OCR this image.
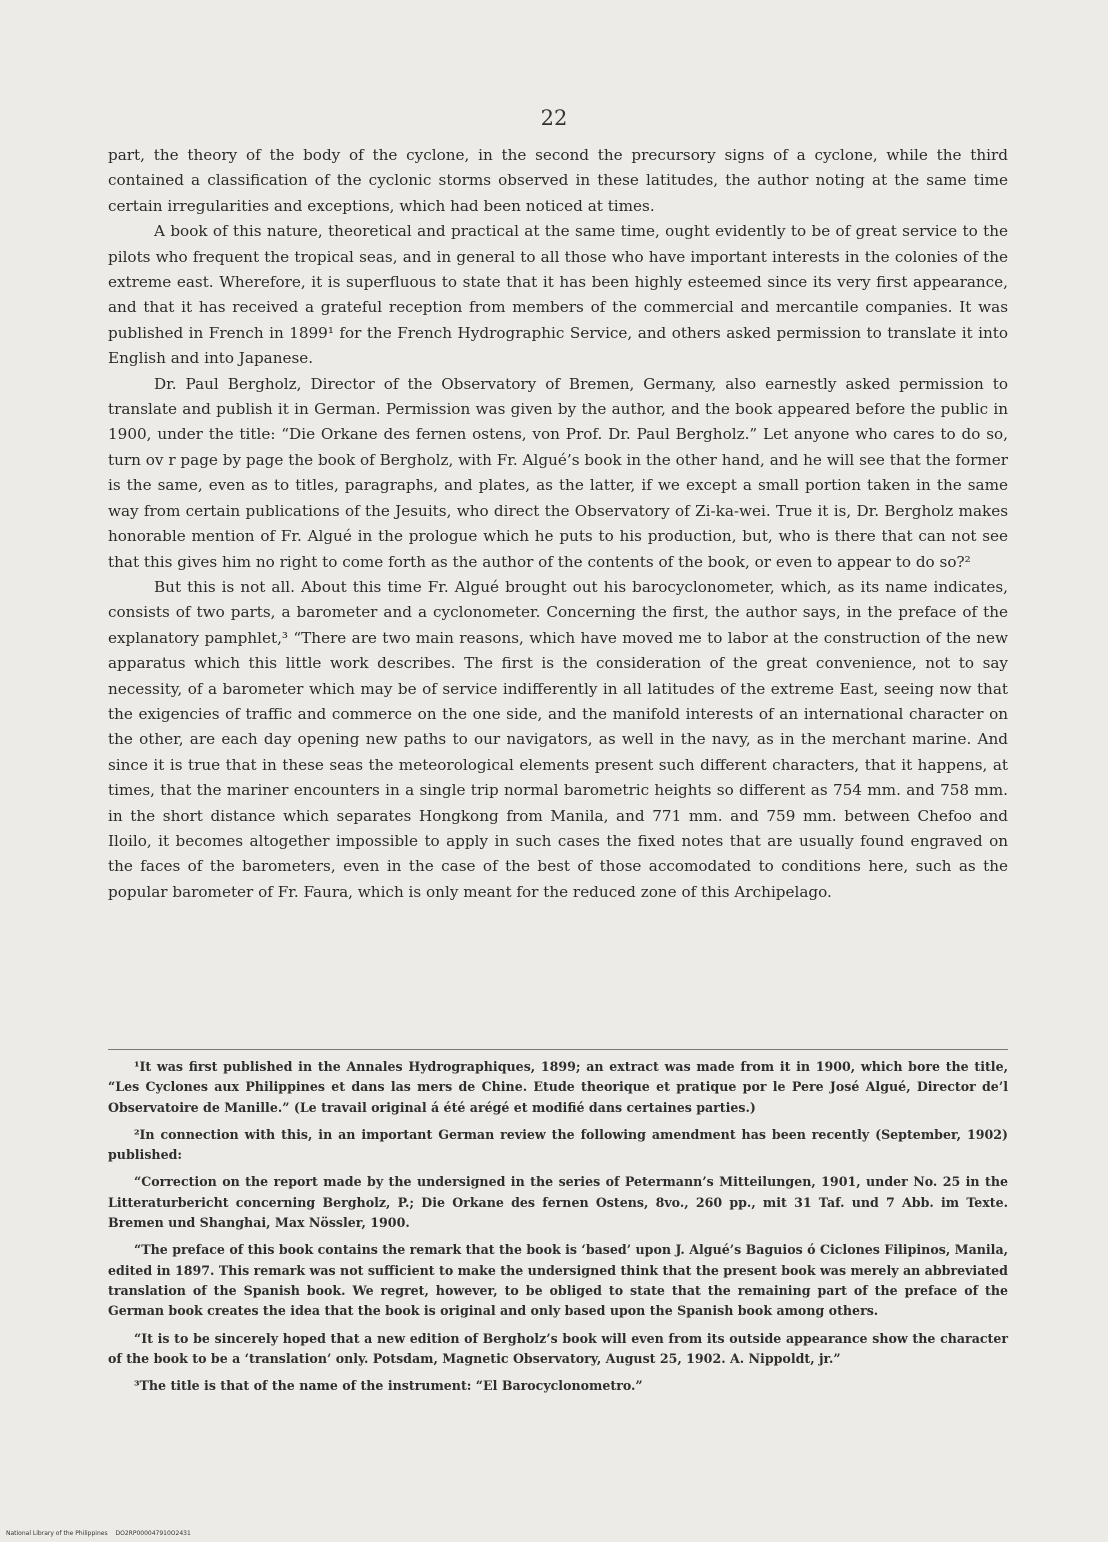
22

part, the theory of the body of the cyclone, in the second the precursory signs of a cyclone, while the third contained a classification of the cyclonic storms observed in these latitudes, the author noting at the same time certain irregularities and exceptions, which had been noticed at times.

A book of this nature, theoretical and practical at the same time, ought evidently to be of great service to the pilots who frequent the tropical seas, and in general to all those who have important interests in the colonies of the extreme east. Wherefore, it is superfluous to state that it has been highly esteemed since its very first appearance, and that it has received a grateful reception from members of the commercial and mercantile companies. It was published in French in 1899¹ for the French Hydrographic Service, and others asked permission to translate it into English and into Japanese.

Dr. Paul Bergholz, Director of the Observatory of Bremen, Germany, also earnestly asked permission to translate and publish it in German. Permission was given by the author, and the book appeared before the public in 1900, under the title: “Die Orkane des fernen ostens, von Prof. Dr. Paul Bergholz.” Let anyone who cares to do so, turn ov r page by page the book of Bergholz, with Fr. Algué’s book in the other hand, and he will see that the former is the same, even as to titles, paragraphs, and plates, as the latter, if we except a small portion taken in the same way from certain publications of the Jesuits, who direct the Observatory of Zi-ka-wei. True it is, Dr. Bergholz makes honorable mention of Fr. Algué in the prologue which he puts to his production, but, who is there that can not see that this gives him no right to come forth as the author of the contents of the book, or even to appear to do so?²

But this is not all. About this time Fr. Algué brought out his barocyclonometer, which, as its name indicates, consists of two parts, a barometer and a cyclonometer. Concerning the first, the author says, in the preface of the explanatory pamphlet,³ “There are two main reasons, which have moved me to labor at the construction of the new apparatus which this little work describes. The first is the consideration of the great convenience, not to say necessity, of a barometer which may be of service indifferently in all latitudes of the extreme East, seeing now that the exigencies of traffic and commerce on the one side, and the manifold interests of an international character on the other, are each day opening new paths to our navigators, as well in the navy, as in the merchant marine. And since it is true that in these seas the meteorological elements present such different characters, that it happens, at times, that the mariner encounters in a single trip normal barometric heights so different as 754 mm. and 758 mm. in the short distance which separates Hongkong from Manila, and 771 mm. and 759 mm. between Chefoo and Iloilo, it becomes altogether impossible to apply in such cases the fixed notes that are usually found engraved on the faces of the barometers, even in the case of the best of those accomodated to conditions here, such as the popular barometer of Fr. Faura, which is only meant for the reduced zone of this Archipelago.

¹It was first published in the Annales Hydrographiques, 1899; an extract was made from it in 1900, which bore the title, “Les Cyclones aux Philippines et dans las mers de Chine. Etude theorique et pratique por le Pere José Algué, Director de’l Observatoire de Manille.” (Le travail original á été arégé et modifié dans certaines parties.)

²In connection with this, in an important German review the following amendment has been recently (September, 1902) published:

“Correction on the report made by the undersigned in the series of Petermann’s Mitteilungen, 1901, under No. 25 in the Litteraturbericht concerning Bergholz, P.; Die Orkane des fernen Ostens, 8vo., 260 pp., mit 31 Taf. und 7 Abb. im Texte. Bremen und Shanghai, Max Nössler, 1900.

“The preface of this book contains the remark that the book is ‘based’ upon J. Algué’s Baguios ó Ciclones Filipinos, Manila, edited in 1897. This remark was not sufficient to make the undersigned think that the present book was merely an abbreviated translation of the Spanish book. We regret, however, to be obliged to state that the remaining part of the preface of the German book creates the idea that the book is original and only based upon the Spanish book among others.

“It is to be sincerely hoped that a new edition of Bergholz’s book will even from its outside appearance show the character of the book to be a ‘translation’ only. Potsdam, Magnetic Observatory, August 25, 1902. A. Nippoldt, jr.”

³The title is that of the name of the instrument: “El Barocyclonometro.”

National Library of the Philippines DO2RP000047910O2431
